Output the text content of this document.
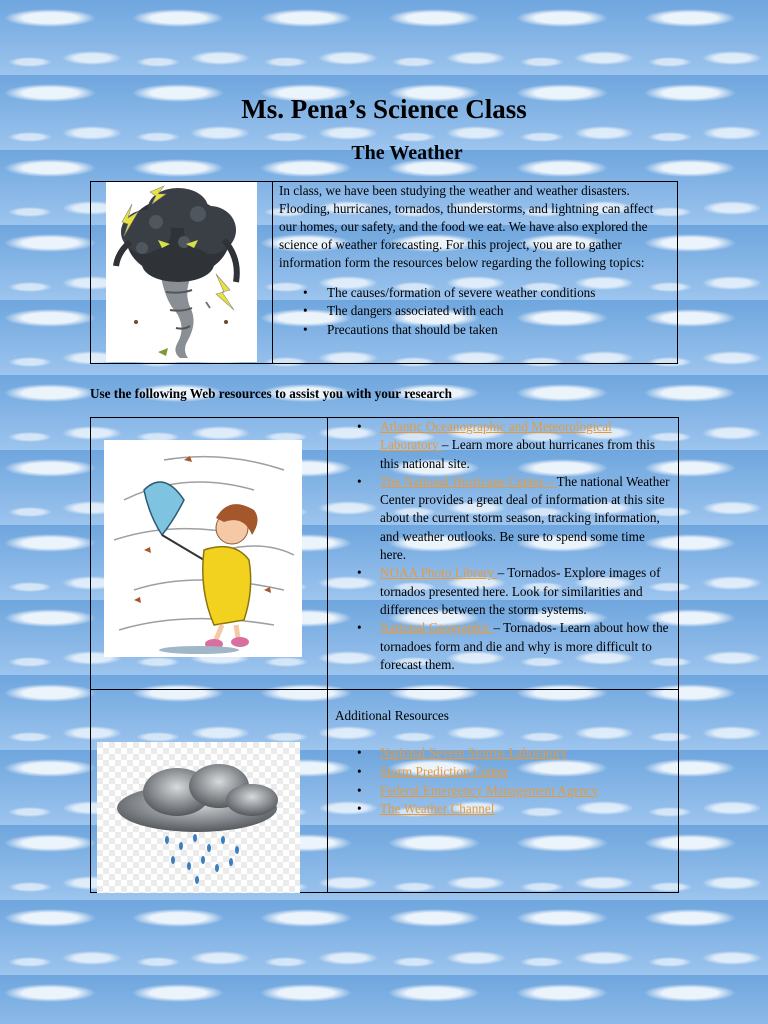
Ms. Pena’s Science Class
The Weather

In class, we have been studying the weather and weather disasters. Flooding, hurricanes, tornados, thunderstorms, and lightning can affect our homes, our safety, and the food we eat. We have also explored the science of weather forecasting. For this project, you are to gather information form the resources below regarding the following topics:

• The causes/formation of severe weather conditions
• The dangers associated with each
• Precautions that should be taken

Use the following Web resources to assist you with your research

• Atlantic Oceanographic and Meteorological Laboratory – Learn more about hurricanes from this this national site.
• The National Hurricane Center – The national Weather Center provides a great deal of information at this site about the current storm season, tracking information, and weather outlooks. Be sure to spend some time here.
• NOAA Photo Library – Tornados- Explore images of tornados presented here. Look for similarities and differences between the storm systems.
• National Geographic – Tornados- Learn about how the tornadoes form and die and why is more difficult to forecast them.
Additional Resources
• National Severe Storms Laboratory
• Storm Prediction Center
• Federal Emergency Management Agency
• The Weather Channel
